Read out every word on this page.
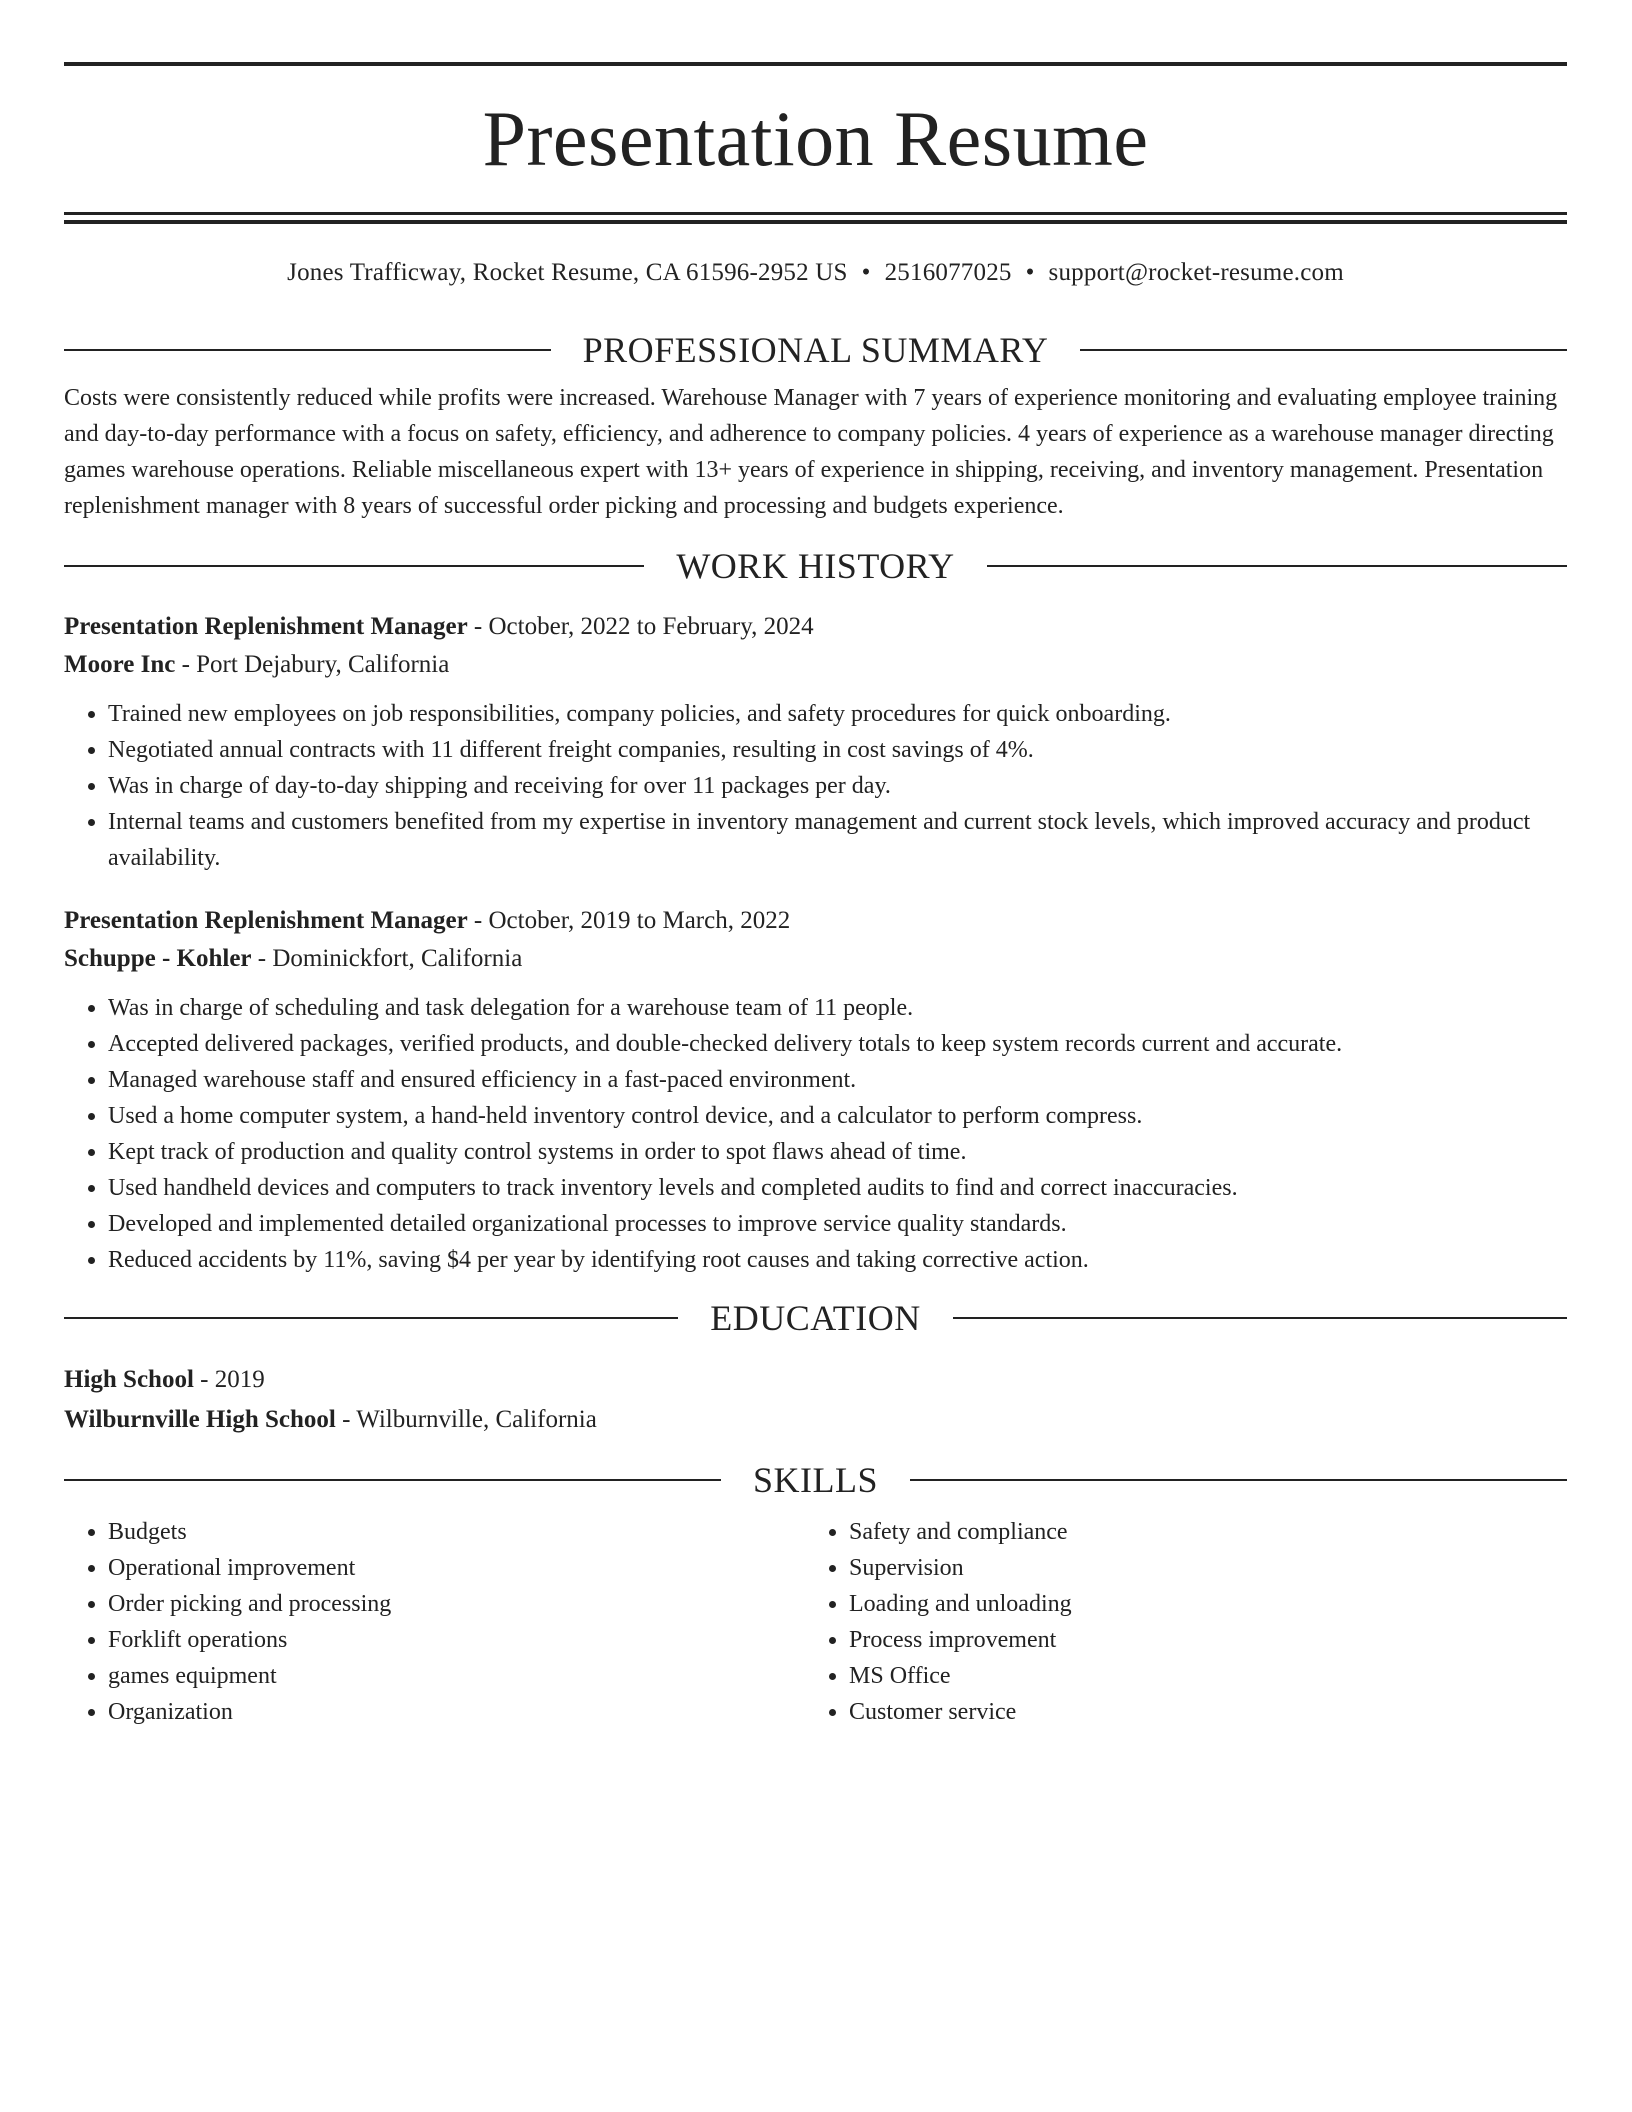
Presentation Resume
Jones Trafficway, Rocket Resume, CA 61596-2952 US • 2516077025 • support@rocket-resume.com
PROFESSIONAL SUMMARY
Costs were consistently reduced while profits were increased. Warehouse Manager with 7 years of experience monitoring and evaluating employee training and day-to-day performance with a focus on safety, efficiency, and adherence to company policies. 4 years of experience as a warehouse manager directing games warehouse operations. Reliable miscellaneous expert with 13+ years of experience in shipping, receiving, and inventory management. Presentation replenishment manager with 8 years of successful order picking and processing and budgets experience.
WORK HISTORY
Presentation Replenishment Manager - October, 2022 to February, 2024
Moore Inc - Port Dejabury, California
• Trained new employees on job responsibilities, company policies, and safety procedures for quick onboarding.
• Negotiated annual contracts with 11 different freight companies, resulting in cost savings of 4%.
• Was in charge of day-to-day shipping and receiving for over 11 packages per day.
• Internal teams and customers benefited from my expertise in inventory management and current stock levels, which improved accuracy and product availability.
Presentation Replenishment Manager - October, 2019 to March, 2022
Schuppe - Kohler - Dominickfort, California
• Was in charge of scheduling and task delegation for a warehouse team of 11 people.
• Accepted delivered packages, verified products, and double-checked delivery totals to keep system records current and accurate.
• Managed warehouse staff and ensured efficiency in a fast-paced environment.
• Used a home computer system, a hand-held inventory control device, and a calculator to perform compress.
• Kept track of production and quality control systems in order to spot flaws ahead of time.
• Used handheld devices and computers to track inventory levels and completed audits to find and correct inaccuracies.
• Developed and implemented detailed organizational processes to improve service quality standards.
• Reduced accidents by 11%, saving $4 per year by identifying root causes and taking corrective action.
EDUCATION
High School - 2019
Wilburnville High School - Wilburnville, California
SKILLS
• Budgets
• Operational improvement
• Order picking and processing
• Forklift operations
• games equipment
• Organization
• Safety and compliance
• Supervision
• Loading and unloading
• Process improvement
• MS Office
• Customer service
